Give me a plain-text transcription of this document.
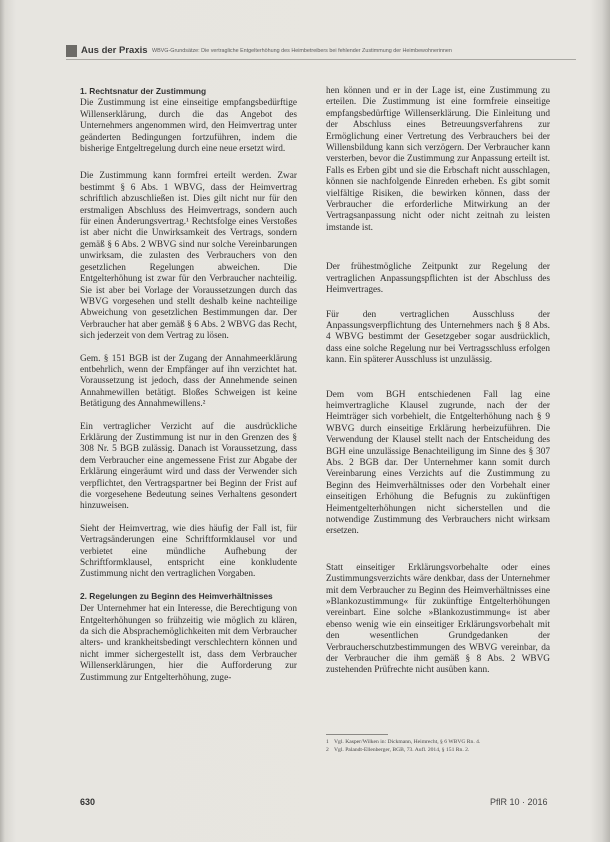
Aus der Praxis WBVG-Grundsätze: Die vertragliche Entgelterhöhung des Heimbetreibers bei fehlender Zustimmung der Heimbewohnerinnen
1. Rechtsnatur der Zustimmung

Die Zustimmung ist eine einseitige empfangsbedürftige Willenserklärung, durch die das Angebot des Unternehmers angenommen wird, den Heimvertrag unter geänderten Bedingungen fortzuführen, indem die bisherige Entgeltregelung durch eine neue ersetzt wird.

Die Zustimmung kann formfrei erteilt werden. Zwar bestimmt § 6 Abs. 1 WBVG, dass der Heimvertrag schriftlich abzuschließen ist. Dies gilt nicht nur für den erstmaligen Abschluss des Heimvertrags, sondern auch für einen Änderungsvertrag.¹ Rechtsfolge eines Verstoßes ist aber nicht die Unwirksamkeit des Vertrags, sondern gemäß § 6 Abs. 2 WBVG sind nur solche Vereinbarungen unwirksam, die zulasten des Verbrauchers von den gesetzlichen Regelungen abweichen. Die Entgelterhöhung ist zwar für den Verbraucher nachteilig. Sie ist aber bei Vorlage der Voraussetzungen durch das WBVG vorgesehen und stellt deshalb keine nachteilige Abweichung von gesetzlichen Bestimmungen dar. Der Verbraucher hat aber gemäß § 6 Abs. 2 WBVG das Recht, sich jederzeit von dem Vertrag zu lösen.

Gem. § 151 BGB ist der Zugang der Annahmeerklärung entbehrlich, wenn der Empfänger auf ihn verzichtet hat. Voraussetzung ist jedoch, dass der Annehmende seinen Annahmewillen betätigt. Bloßes Schweigen ist keine Betätigung des Annahmewillens.²

Ein vertraglicher Verzicht auf die ausdrückliche Erklärung der Zustimmung ist nur in den Grenzen des § 308 Nr. 5 BGB zulässig. Danach ist Voraussetzung, dass dem Verbraucher eine angemessene Frist zur Abgabe der Erklärung eingeräumt wird und dass der Verwender sich verpflichtet, den Vertragspartner bei Beginn der Frist auf die vorgesehene Bedeutung seines Verhaltens gesondert hinzuweisen.

Sieht der Heimvertrag, wie dies häufig der Fall ist, für Vertragsänderungen eine Schriftformklausel vor und verbietet eine mündliche Aufhebung der Schriftformklausel, entspricht eine konkludente Zustimmung nicht den vertraglichen Vorgaben.

2. Regelungen zu Beginn des Heimverhältnisses

Der Unternehmer hat ein Interesse, die Berechtigung von Entgelterhöhungen so frühzeitig wie möglich zu klären, da sich die Absprachemöglichkeiten mit dem Verbraucher alters- und krankheitsbedingt verschlechtern können und nicht immer sichergestellt ist, dass dem Verbraucher Willenserklärungen, hier die Aufforderung zur Zustimmung zur Entgelterhöhung, zuge-

hen können und er in der Lage ist, eine Zustimmung zu erteilen. Die Zustimmung ist eine formfreie einseitige empfangsbedürftige Willenserklärung. Die Einleitung und der Abschluss eines Betreuungsverfahrens zur Ermöglichung einer Vertretung des Verbrauchers bei der Willensbildung kann sich verzögern. Der Verbraucher kann versterben, bevor die Zustimmung zur Anpassung erteilt ist. Falls es Erben gibt und sie die Erbschaft nicht ausschlagen, können sie nachfolgende Einreden erheben. Es gibt somit vielfältige Risiken, die bewirken können, dass der Verbraucher die erforderliche Mitwirkung an der Vertragsanpassung nicht oder nicht zeitnah zu leisten imstande ist.

Der frühestmögliche Zeitpunkt zur Regelung der vertraglichen Anpassungspflichten ist der Abschluss des Heimvertrages.

Für den vertraglichen Ausschluss der Anpassungsverpflichtung des Unternehmers nach § 8 Abs. 4 WBVG bestimmt der Gesetzgeber sogar ausdrücklich, dass eine solche Regelung nur bei Vertragsschluss erfolgen kann. Ein späterer Ausschluss ist unzulässig.

Dem vom BGH entschiedenen Fall lag eine heimvertragliche Klausel zugrunde, nach der der Heimträger sich vorbehielt, die Entgelterhöhung nach § 9 WBVG durch einseitige Erklärung herbeizuführen. Die Verwendung der Klausel stellt nach der Entscheidung des BGH eine unzulässige Benachteiligung im Sinne des § 307 Abs. 2 BGB dar. Der Unternehmer kann somit durch Vereinbarung eines Verzichts auf die Zustimmung zu Beginn des Heimverhältnisses oder den Vorbehalt einer einseitigen Erhöhung die Befugnis zu zukünftigen Heimentgelterhöhungen nicht sicherstellen und die notwendige Zustimmung des Verbrauchers nicht wirksam ersetzen.

Statt einseitiger Erklärungsvorbehalte oder eines Zustimmungsverzichts wäre denkbar, dass der Unternehmer mit dem Verbraucher zu Beginn des Heimverhältnisses eine »Blankozustimmung« für zukünftige Entgelterhöhungen vereinbart. Eine solche »Blankozustimmung« ist aber ebenso wenig wie ein einseitiger Erklärungsvorbehalt mit den wesentlichen Grundgedanken der Verbraucherschutzbestimmungen des WBVG vereinbar, da der Verbraucher die ihm gemäß § 8 Abs. 2 WBVG zustehenden Prüfrechte nicht ausüben kann.

1 Vgl. Kasper/Wilken in: Dickmann, Heimrecht, § 6 WBVG Rn. 4.
2 Vgl. Palandt-Ellenberger, BGB, 73. Aufl. 2014, § 151 Rn. 2.
630	PflR 10 · 2016
